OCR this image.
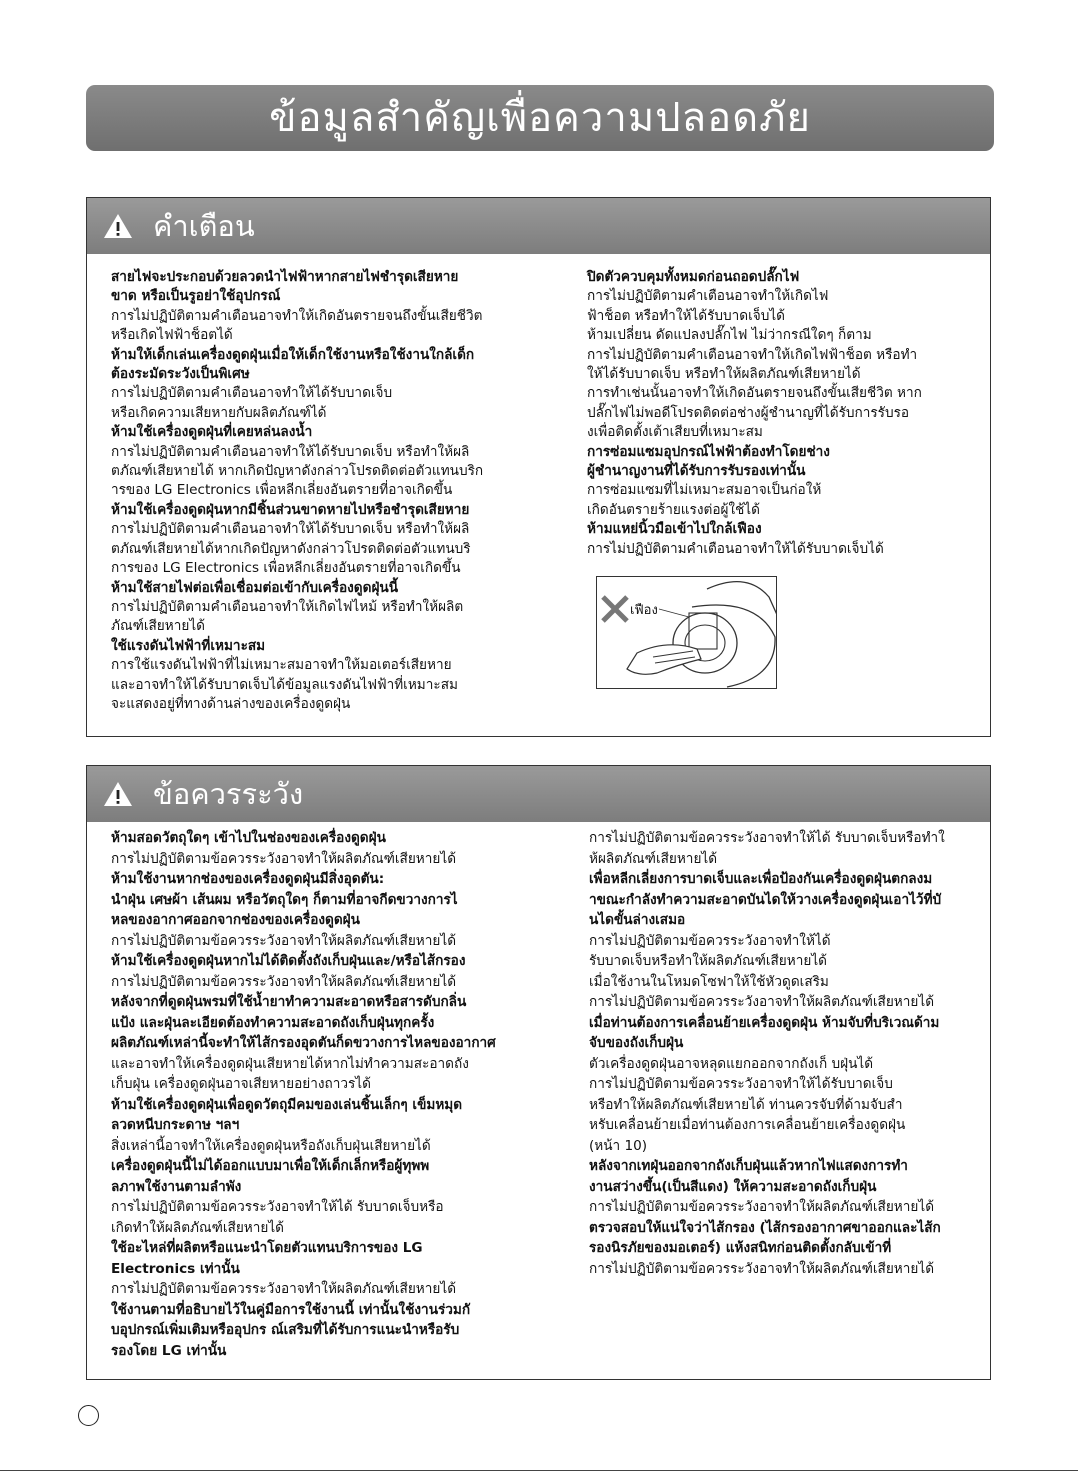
ข้อมูลสำคัญเพื่อความปลอดภัย
คำเตือน

สายไฟจะประกอบด้วยลวดนำไฟฟ้าหากสายไฟชำรุดเสียหาย

ขาด หรือเป็นรูอย่าใช้อุปกรณ์

การไม่ปฏิบัติตามคำเตือนอาจทำให้เกิดอันตรายจนถึงขั้นเสียชีวิต

หรือเกิดไฟฟ้าช็อตได้

ห้ามให้เด็กเล่นเครื่องดูดฝุ่นเมื่อให้เด็กใช้งานหรือใช้งานใกล้เด็ก

ต้องระมัดระวังเป็นพิเศษ

การไม่ปฏิบัติตามคำเตือนอาจทำให้ได้รับบาดเจ็บ

หรือเกิดความเสียหายกับผลิตภัณฑ์ได้

ห้ามใช้เครื่องดูดฝุ่นที่เคยหล่นลงน้ำ

การไม่ปฏิบัติตามคำเตือนอาจทำให้ได้รับบาดเจ็บ หรือทำให้ผลิ

ตภัณฑ์เสียหายได้ หากเกิดปัญหาดังกล่าวโปรดติดต่อตัวแทนบริก

ารของ LG Electronics เพื่อหลีกเลี่ยงอันตรายที่อาจเกิดขึ้น

ห้ามใช้เครื่องดูดฝุ่นหากมีชิ้นส่วนขาดหายไปหรือชำรุดเสียหาย

การไม่ปฏิบัติตามคำเตือนอาจทำให้ได้รับบาดเจ็บ หรือทำให้ผลิ

ตภัณฑ์เสียหายได้หากเกิดปัญหาดังกล่าวโปรดติดต่อตัวแทนบริ

การของ LG Electronics เพื่อหลีกเลี่ยงอันตรายที่อาจเกิดขึ้น

ห้ามใช้สายไฟต่อเพื่อเชื่อมต่อเข้ากับเครื่องดูดฝุ่นนี้

การไม่ปฏิบัติตามคำเตือนอาจทำให้เกิดไฟไหม้ หรือทำให้ผลิต

ภัณฑ์เสียหายได้

ใช้แรงดันไฟฟ้าที่เหมาะสม

การใช้แรงดันไฟฟ้าที่ไม่เหมาะสมอาจทำให้มอเตอร์เสียหาย

และอาจทำให้ได้รับบาดเจ็บได้ข้อมูลแรงดันไฟฟ้าที่เหมาะสม

จะแสดงอยู่ที่ทางด้านล่างของเครื่องดูดฝุ่น

ปิดตัวควบคุมทั้งหมดก่อนถอดปลั๊กไฟ

การไม่ปฏิบัติตามคำเตือนอาจทำให้เกิดไฟ

ฟ้าช็อต หรือทำให้ได้รับบาดเจ็บได้

ห้ามเปลี่ยน ดัดแปลงปลั๊กไฟ ไม่ว่ากรณีใดๆ ก็ตาม

การไม่ปฏิบัติตามคำเตือนอาจทำให้เกิดไฟฟ้าช็อต หรือทำ

ให้ได้รับบาดเจ็บ หรือทำให้ผลิตภัณฑ์เสียหายได้

การทำเช่นนั้นอาจทำให้เกิดอันตรายจนถึงขั้นเสียชีวิต หาก

ปลั๊กไฟไม่พอดีโปรดติดต่อช่างผู้ชำนาญที่ได้รับการรับรอ

งเพื่อติดตั้งเต้าเสียบที่เหมาะสม

การซ่อมแซมอุปกรณ์ไฟฟ้าต้องทำโดยช่าง

ผู้ชำนาญงานที่ได้รับการรับรองเท่านั้น

การซ่อมแซมที่ไม่เหมาะสมอาจเป็นก่อให้

เกิดอันตรายร้ายแรงต่อผู้ใช้ได้

ห้ามแหย่นิ้วมือเข้าไปใกล้เฟือง

การไม่ปฏิบัติตามคำเตือนอาจทำให้ได้รับบาดเจ็บได้

เฟือง
ข้อควรระวัง

ห้ามสอดวัตถุใดๆ เข้าไปในช่องของเครื่องดูดฝุ่น

การไม่ปฏิบัติตามข้อควรระวังอาจทำให้ผลิตภัณฑ์เสียหายได้

ห้ามใช้งานหากช่องของเครื่องดูดฝุ่นมีสิ่งอุดตัน:

นำฝุ่น เศษผ้า เส้นผม หรือวัตถุใดๆ ก็ตามที่อาจกีดขวางการไ

หลของอากาศออกจากช่องของเครื่องดูดฝุ่น

การไม่ปฏิบัติตามข้อควรระวังอาจทำให้ผลิตภัณฑ์เสียหายได้

ห้ามใช้เครื่องดูดฝุ่นหากไม่ได้ติดตั้งถังเก็บฝุ่นและ/หรือไส้กรอง

การไม่ปฏิบัติตามข้อควรระวังอาจทำให้ผลิตภัณฑ์เสียหายได้

หลังจากที่ดูดฝุ่นพรมที่ใช้น้ำยาทำความสะอาดหรือสารดับกลิ่น

แป้ง และฝุ่นละเอียดต้องทำความสะอาดถังเก็บฝุ่นทุกครั้ง

ผลิตภัณฑ์เหล่านี้จะทำให้ไส้กรองอุดตันก็ดขวางการไหลของอากาศ

และอาจทำให้เครื่องดูดฝุ่นเสียหายได้หากไม่ทำความสะอาดถัง

เก็บฝุ่น เครื่องดูดฝุ่นอาจเสียหายอย่างถาวรได้

ห้ามใช้เครื่องดูดฝุ่นเพื่อดูดวัตถุมีคมของเล่นชิ้นเล็กๆ เข็มหมุด

ลวดหนีบกระดาษ ฯลฯ

สิ่งเหล่านี้อาจทำให้เครื่องดูดฝุ่นหรือถังเก็บฝุ่นเสียหายได้

เครื่องดูดฝุ่นนี้ไม่ได้ออกแบบมาเพื่อให้เด็กเล็กหรือผู้ทุพพ

ลภาพใช้งานตามลำพัง

การไม่ปฏิบัติตามข้อควรระวังอาจทำให้ได้ รับบาดเจ็บหรือ

เกิดทำให้ผลิตภัณฑ์เสียหายได้

ใช้อะไหล่ที่ผลิตหรือแนะนำโดยตัวแทนบริการของ LG

Electronics เท่านั้น

การไม่ปฏิบัติตามข้อควรระวังอาจทำให้ผลิตภัณฑ์เสียหายได้

ใช้งานตามที่อธิบายไว้ในคู่มือการใช้งานนี้ เท่านั้นใช้งานร่วมกั

บอุปกรณ์เพิ่มเติมหรืออุปกร ณ์เสริมที่ได้รับการแนะนำหรือรับ

รองโดย LG เท่านั้น

การไม่ปฏิบัติตามข้อควรระวังอาจทำให้ได้ รับบาดเจ็บหรือทำใ

ห้ผลิตภัณฑ์เสียหายได้

เพื่อหลีกเลี่ยงการบาดเจ็บและเพื่อป้องกันเครื่องดูดฝุ่นตกลงม

าขณะกำลังทำความสะอาดบันไดให้วางเครื่องดูดฝุ่นเอาไว้ที่บั

นไดขั้นล่างเสมอ

การไม่ปฏิบัติตามข้อควรระวังอาจทำให้ได้

รับบาดเจ็บหรือทำให้ผลิตภัณฑ์เสียหายได้

เมื่อใช้งานในโหมดโซฟาให้ใช้หัวดูดเสริม

การไม่ปฏิบัติตามข้อควรระวังอาจทำให้ผลิตภัณฑ์เสียหายได้

เมื่อท่านต้องการเคลื่อนย้ายเครื่องดูดฝุ่น ห้ามจับที่บริเวณด้าม

จับของถังเก็บฝุ่น

ตัวเครื่องดูดฝุ่นอาจหลุดแยกออกจากถังเก็ บฝุ่นได้

การไม่ปฏิบัติตามข้อควรระวังอาจทำให้ได้รับบาดเจ็บ

หรือทำให้ผลิตภัณฑ์เสียหายได้ ท่านควรจับที่ด้ามจับสำ

หรับเคลื่อนย้ายเมื่อท่านต้องการเคลื่อนย้ายเครื่องดูดฝุ่น

(หน้า 10)

หลังจากเทฝุ่นออกจากถังเก็บฝุ่นแล้วหากไฟแสดงการทำ

งานสว่างขึ้น(เป็นสีแดง) ให้ความสะอาดถังเก็บฝุ่น

การไม่ปฏิบัติตามข้อควรระวังอาจทำให้ผลิตภัณฑ์เสียหายได้

ตรวจสอบให้แน่ใจว่าไส้กรอง (ไส้กรองอากาศขาออกและไส้ก

รองนิรภัยของมอเตอร์) แห้งสนิทก่อนติดตั้งกลับเข้าที่

การไม่ปฏิบัติตามข้อควรระวังอาจทำให้ผลิตภัณฑ์เสียหายได้
